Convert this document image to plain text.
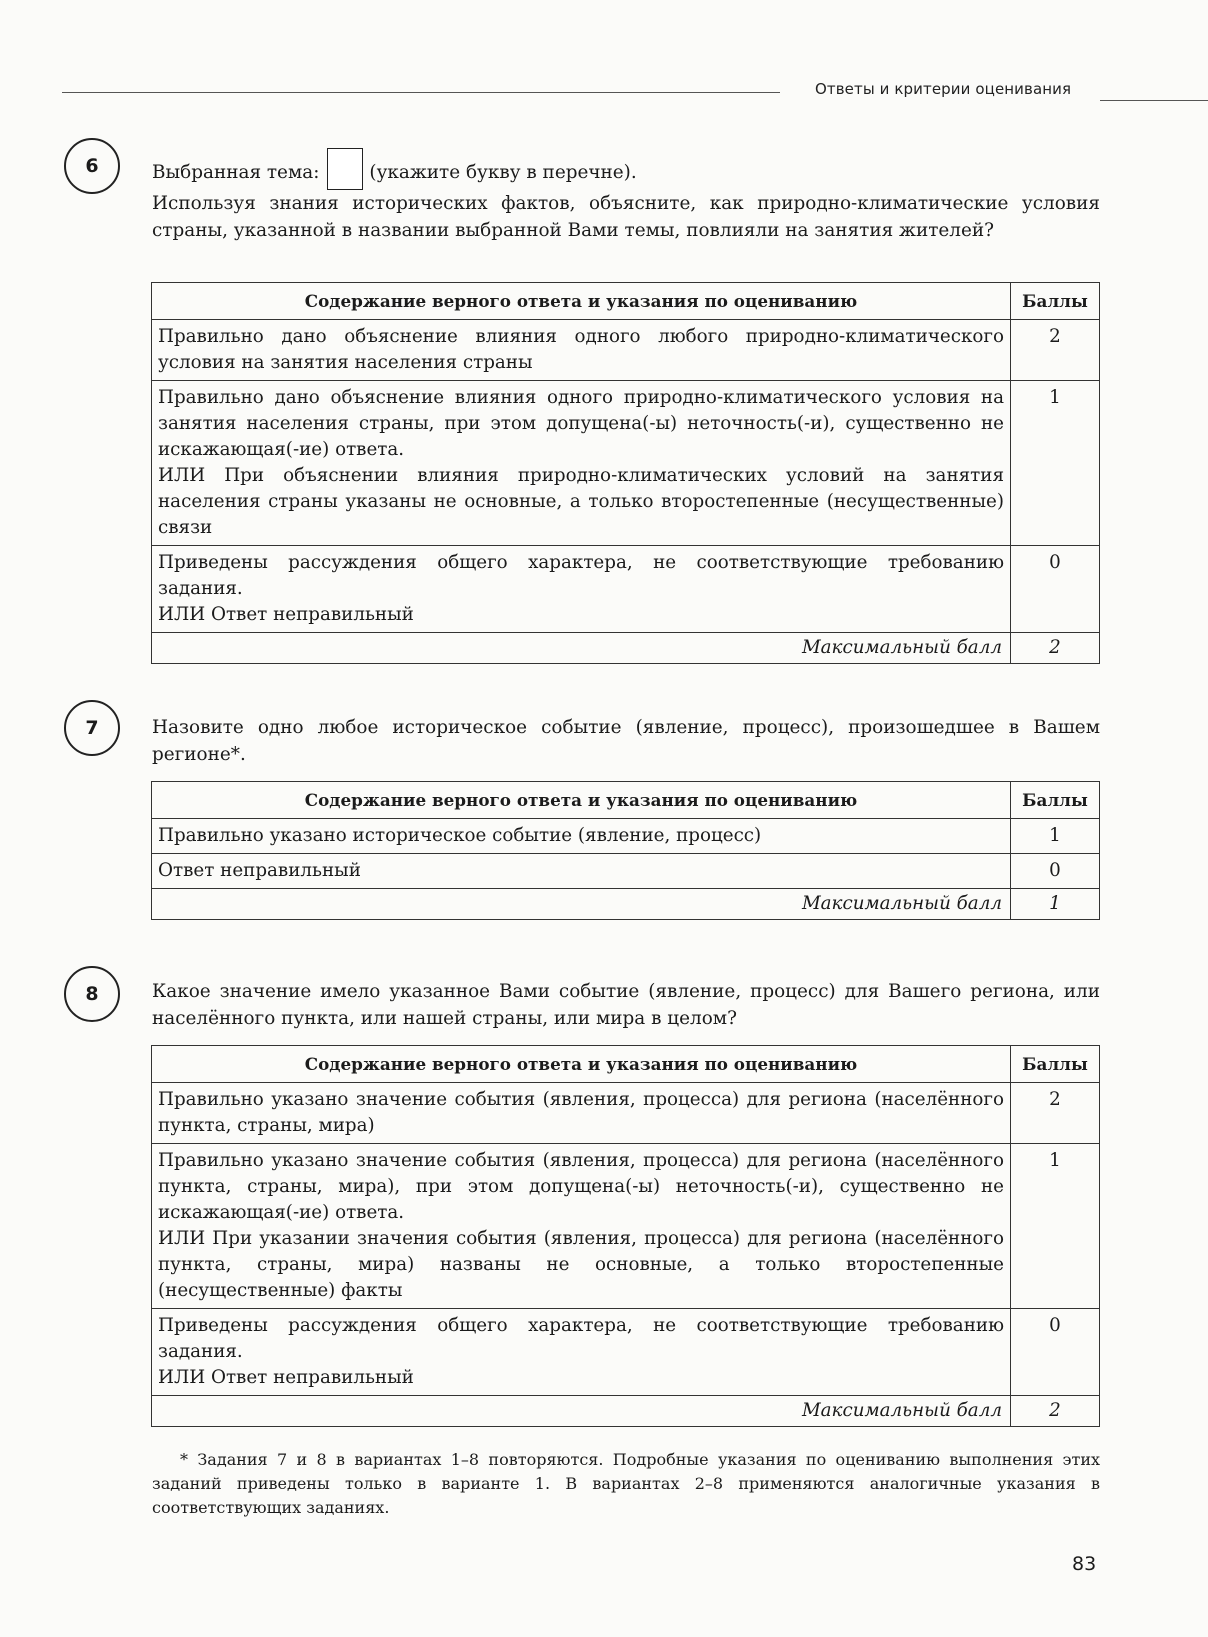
Ответы и критерии оценивания
6	Выбранная тема:	(укажите букву в перечне).

Используя знания исторических фактов, объясните, как природно-климатические условия страны, указанной в названии выбранной Вами темы, повлияли на занятия жителей?

Содержание верного ответа и указания по оцениванию	Баллы

Правильно дано объяснение влияния одного любого природно-климатического условия на занятия населения страны	2

Правильно дано объяснение влияния одного природно-климатического условия на занятия населения страны, при этом допущена(-ы) неточность(-и), существенно не искажающая(-ие) ответа.
ИЛИ При объяснении влияния природно-климатических условий на занятия населения страны указаны не основные, а только второстепенные (несущественные) связи	1

Приведены рассуждения общего характера, не соответствующие требованию задания.
ИЛИ Ответ неправильный	0
Максимальный балл	2
7	Назовите одно любое историческое событие (явление, процесс), произошедшее в Вашем регионе*.

Содержание верного ответа и указания по оцениванию	Баллы

Правильно указано историческое событие (явление, процесс)	1

Ответ неправильный	0
Максимальный балл	1
8	Какое значение имело указанное Вами событие (явление, процесс) для Вашего региона, или населённого пункта, или нашей страны, или мира в целом?

Содержание верного ответа и указания по оцениванию	Баллы

Правильно указано значение события (явления, процесса) для региона (населённого пункта, страны, мира)	2

Правильно указано значение события (явления, процесса) для региона (населённого пункта, страны, мира), при этом допущена(-ы) неточность(-и), существенно не искажающая(-ие) ответа.
ИЛИ При указании значения события (явления, процесса) для региона (населённого пункта, страны, мира) названы не основные, а только второстепенные (несущественные) факты	1

Приведены рассуждения общего характера, не соответствующие требованию задания.
ИЛИ Ответ неправильный	0
Максимальный балл	2

* Задания 7 и 8 в вариантах 1–8 повторяются. Подробные указания по оцениванию выполнения этих заданий приведены только в варианте 1. В вариантах 2–8 применяются аналогичные указания в соответствующих заданиях.

83
